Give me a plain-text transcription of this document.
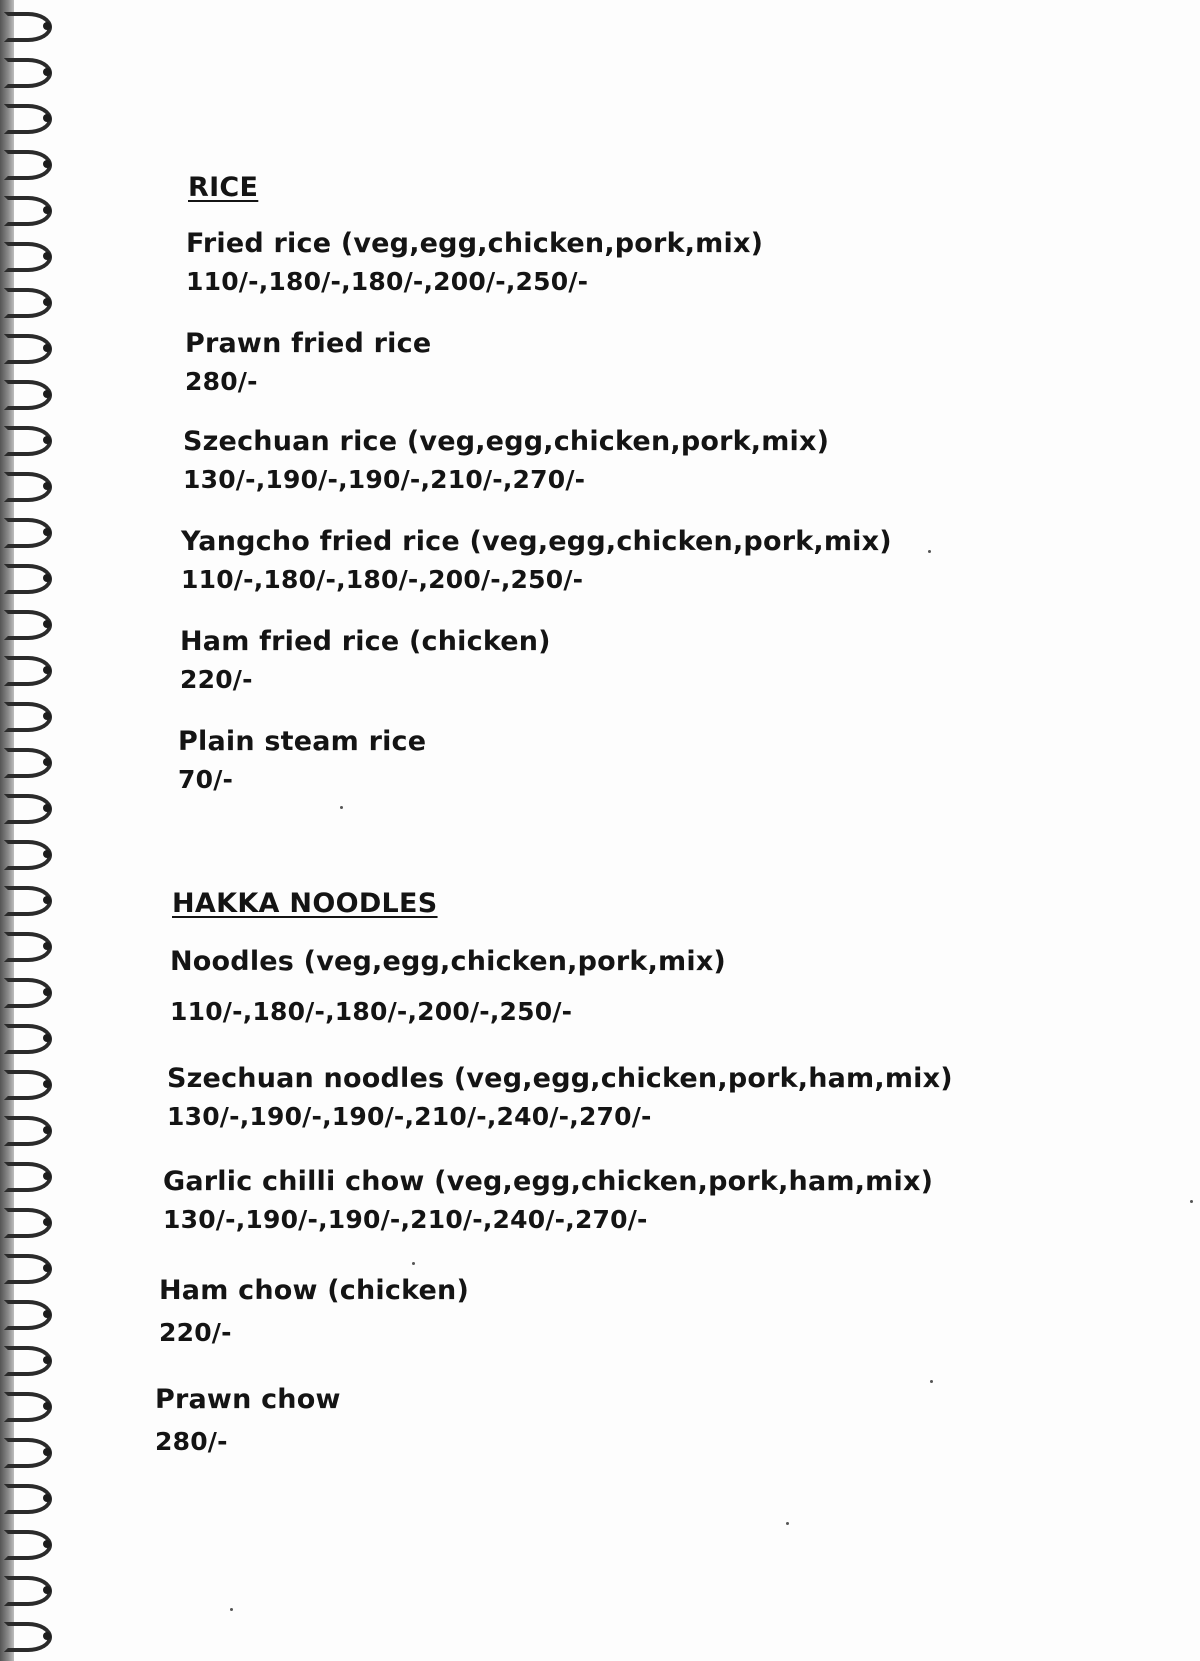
RICE
Fried rice (veg,egg,chicken,pork,mix)
110/-,180/-,180/-,200/-,250/-
Prawn fried rice
280/-
Szechuan rice (veg,egg,chicken,pork,mix)
130/-,190/-,190/-,210/-,270/-
Yangcho fried rice (veg,egg,chicken,pork,mix)
110/-,180/-,180/-,200/-,250/-
Ham fried rice (chicken)
220/-
Plain steam rice
70/-
HAKKA NOODLES
Noodles (veg,egg,chicken,pork,mix)
110/-,180/-,180/-,200/-,250/-
Szechuan noodles (veg,egg,chicken,pork,ham,mix)
130/-,190/-,190/-,210/-,240/-,270/-
Garlic chilli chow (veg,egg,chicken,pork,ham,mix)
130/-,190/-,190/-,210/-,240/-,270/-
Ham chow (chicken)
220/-
Prawn chow
280/-
